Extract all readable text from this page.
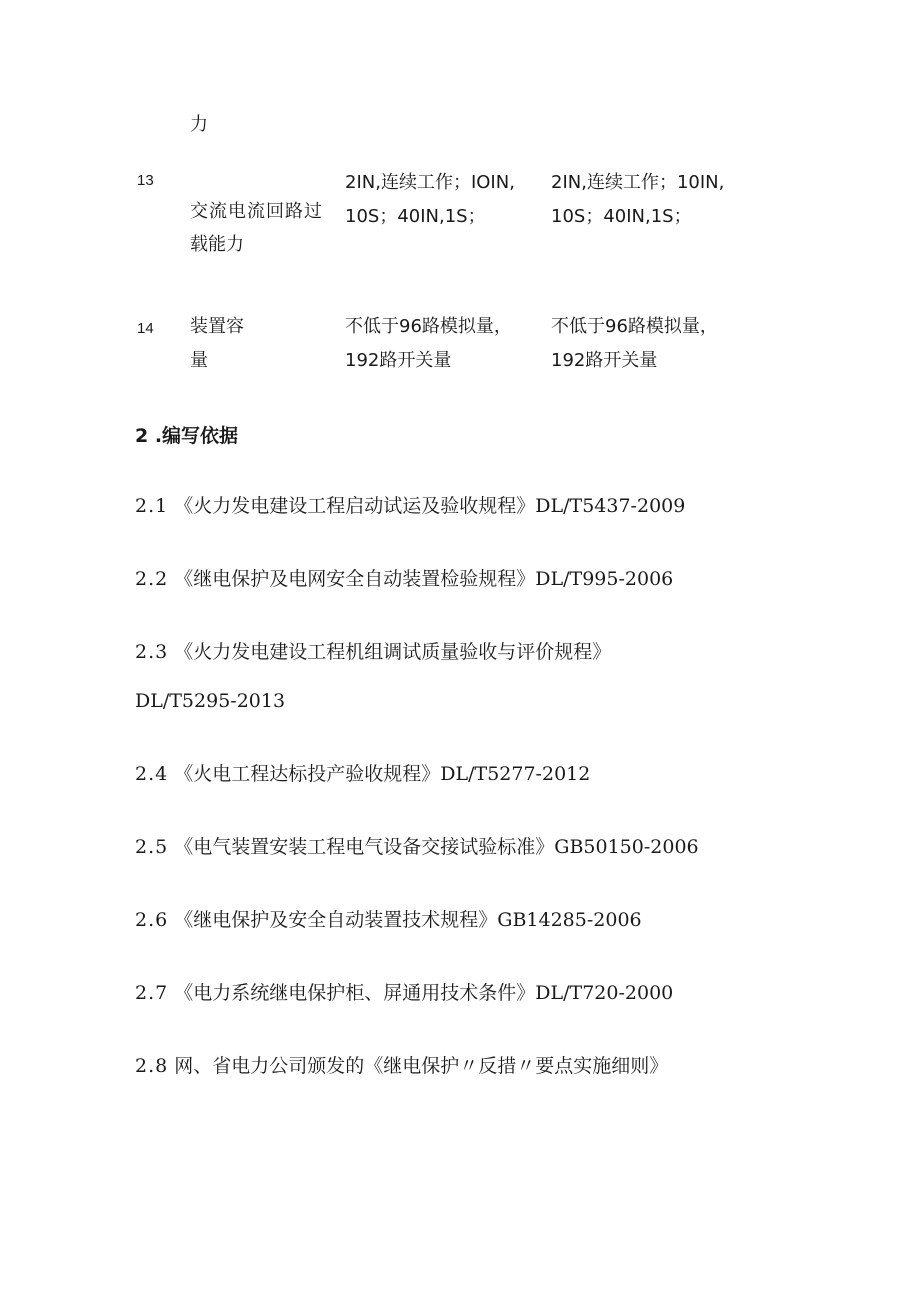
力
13
交流电流回路过
载能力
2IN,连续工作；IOIN,
10S；40IN,1S；
2IN,连续工作；10IN,
10S；40IN,1S；
14 装置容
量
不低于96路模拟量，
192路开关量
不低于96路模拟量，
192路开关量
2 .编写依据
2.1 《火力发电建设工程启动试运及验收规程》DL/T5437-2009
2.2 《继电保护及电网安全自动装置检验规程》DL/T995-2006
2.3 《火力发电建设工程机组调试质量验收与评价规程》
DL/T5295-2013
2.4 《火电工程达标投产验收规程》DL/T5277-2012
2.5 《电气装置安装工程电气设备交接试验标准》GB50150-2006
2.6 《继电保护及安全自动装置技术规程》GB14285-2006
2.7 《电力系统继电保护柜、屏通用技术条件》DL/T720-2000
2.8 网、省电力公司颁发的《继电保护〃反措〃要点实施细则》
